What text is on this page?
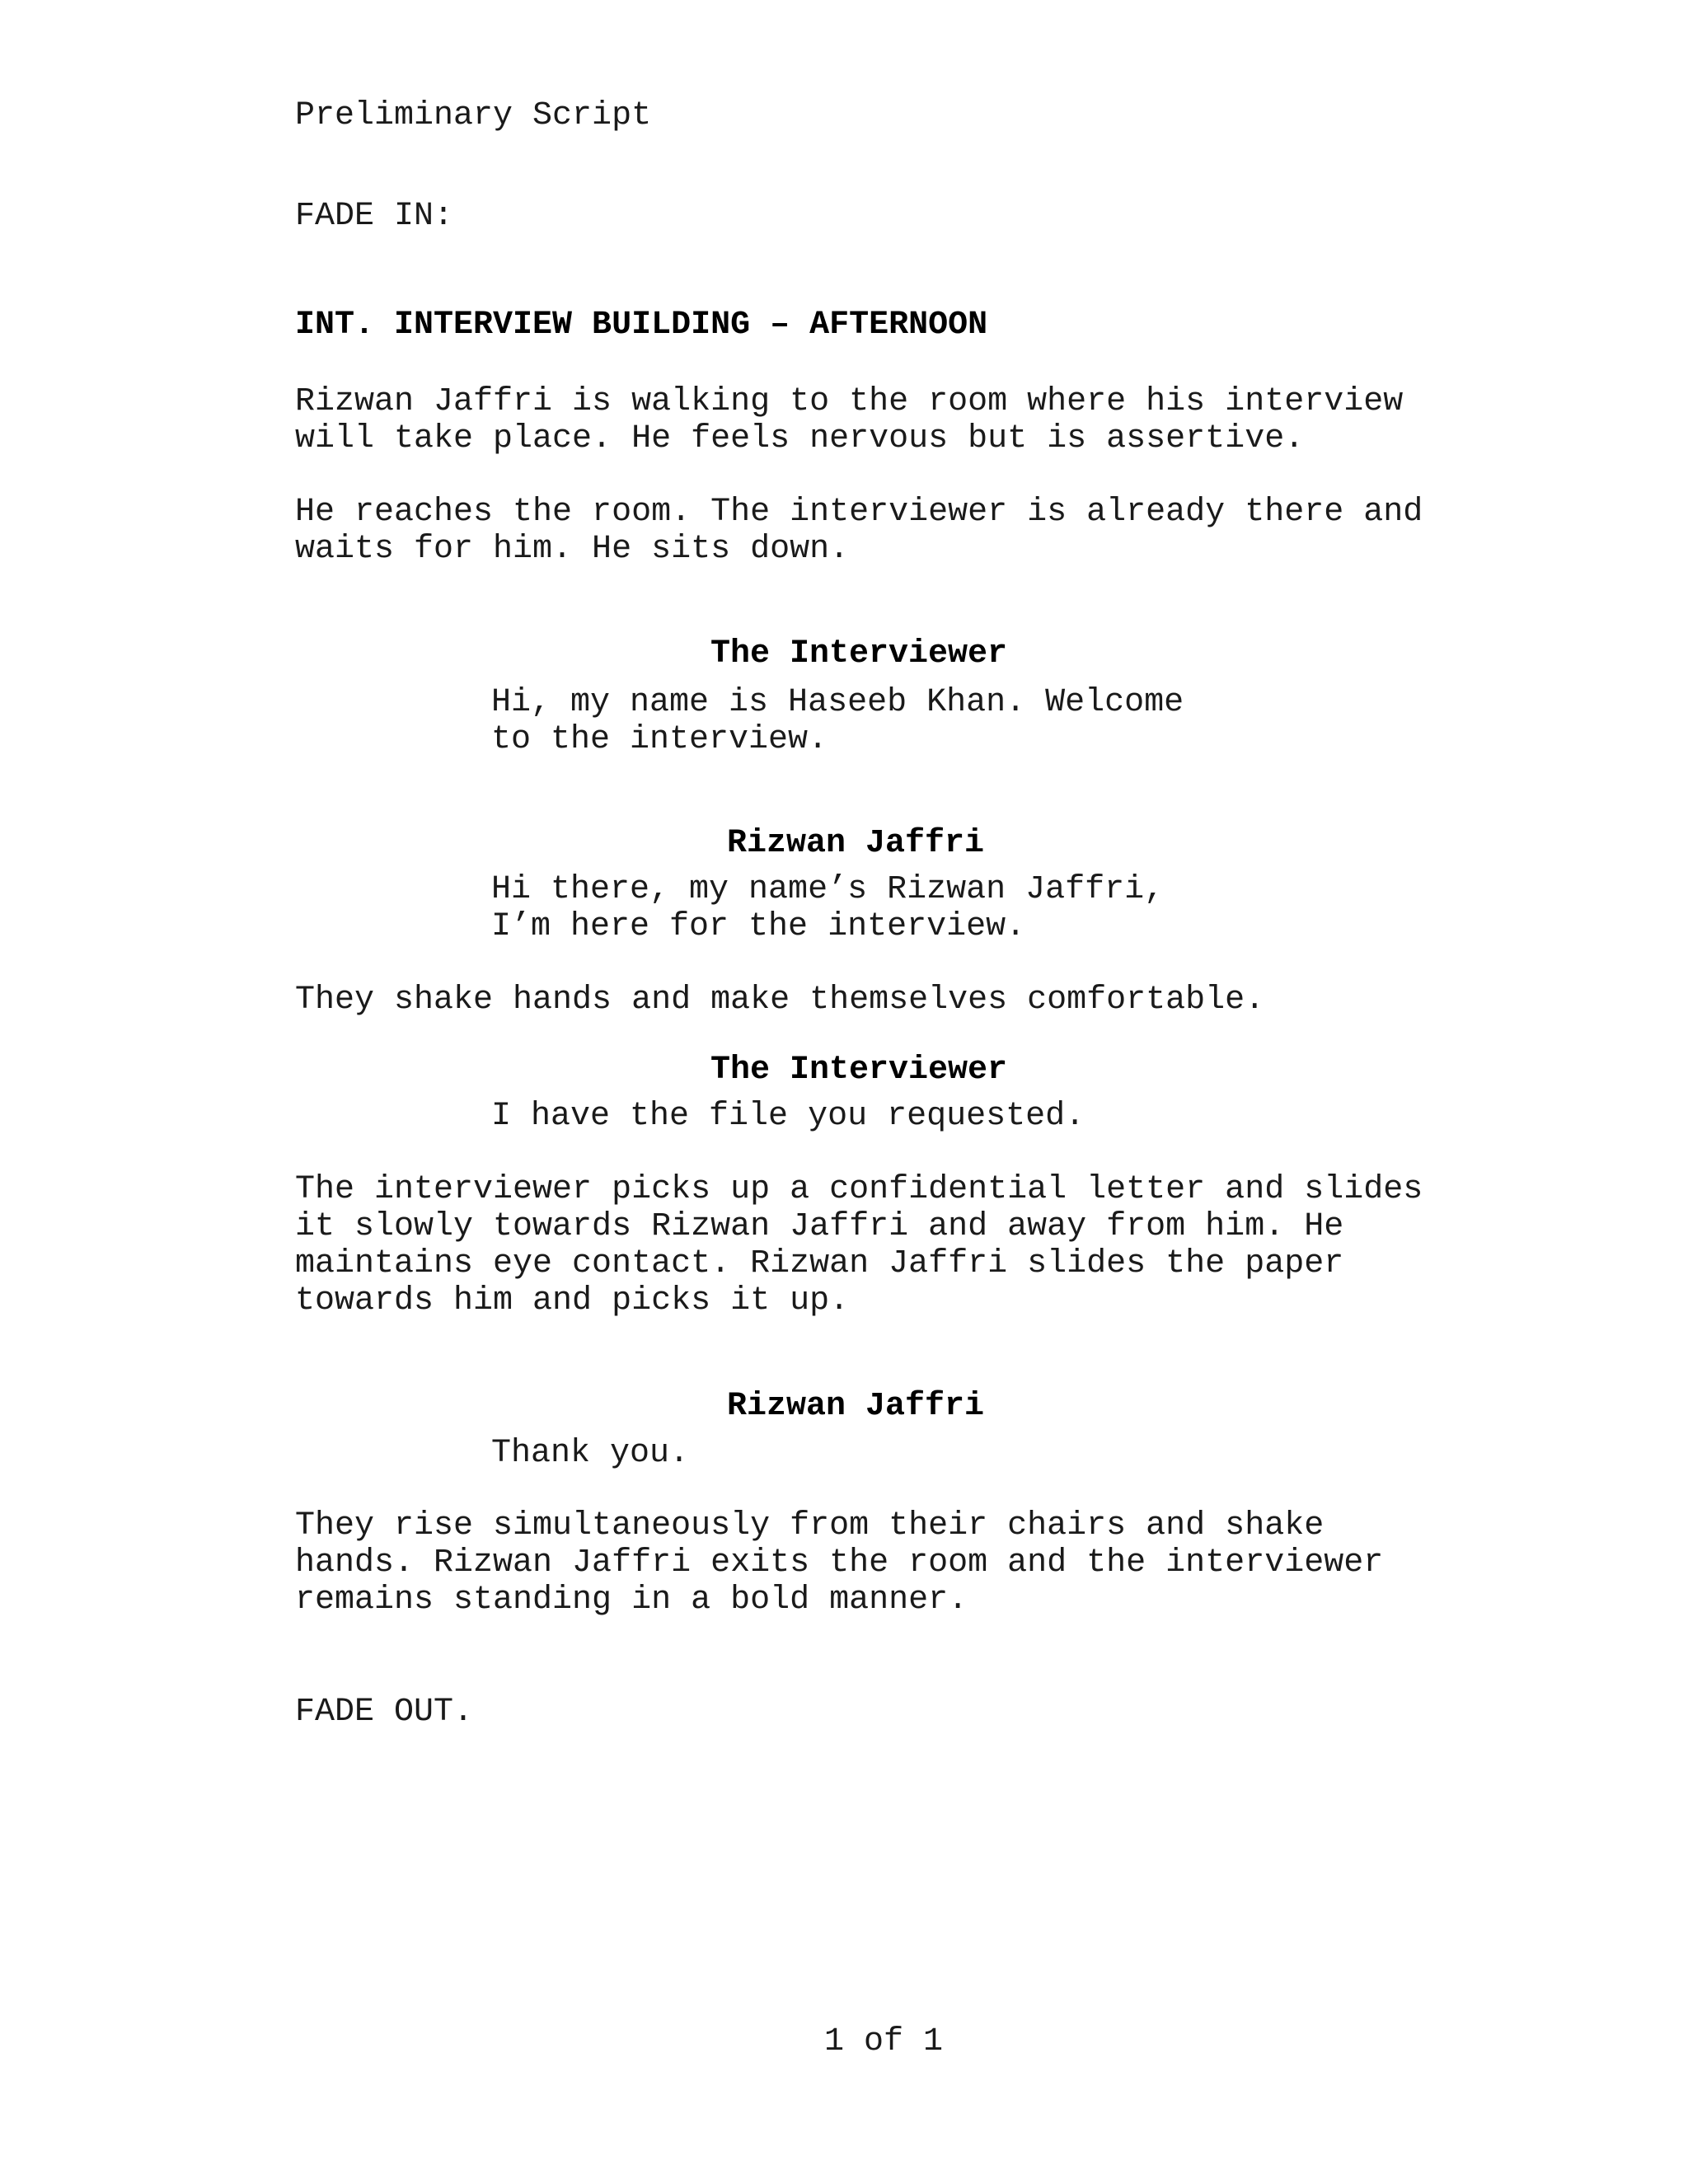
Preliminary Script
FADE IN:
INT. INTERVIEW BUILDING – AFTERNOON
Rizwan Jaffri is walking to the room where his interview
will take place. He feels nervous but is assertive.
He reaches the room. The interviewer is already there and
waits for him. He sits down.
The Interviewer
Hi, my name is Haseeb Khan. Welcome
to the interview.
Rizwan Jaffri
Hi there, my name’s Rizwan Jaffri,
I’m here for the interview.
They shake hands and make themselves comfortable.
The Interviewer
I have the file you requested.
The interviewer picks up a confidential letter and slides
it slowly towards Rizwan Jaffri and away from him. He
maintains eye contact. Rizwan Jaffri slides the paper
towards him and picks it up.
Rizwan Jaffri
Thank you.
They rise simultaneously from their chairs and shake
hands. Rizwan Jaffri exits the room and the interviewer
remains standing in a bold manner.
FADE OUT.
1 of 1
